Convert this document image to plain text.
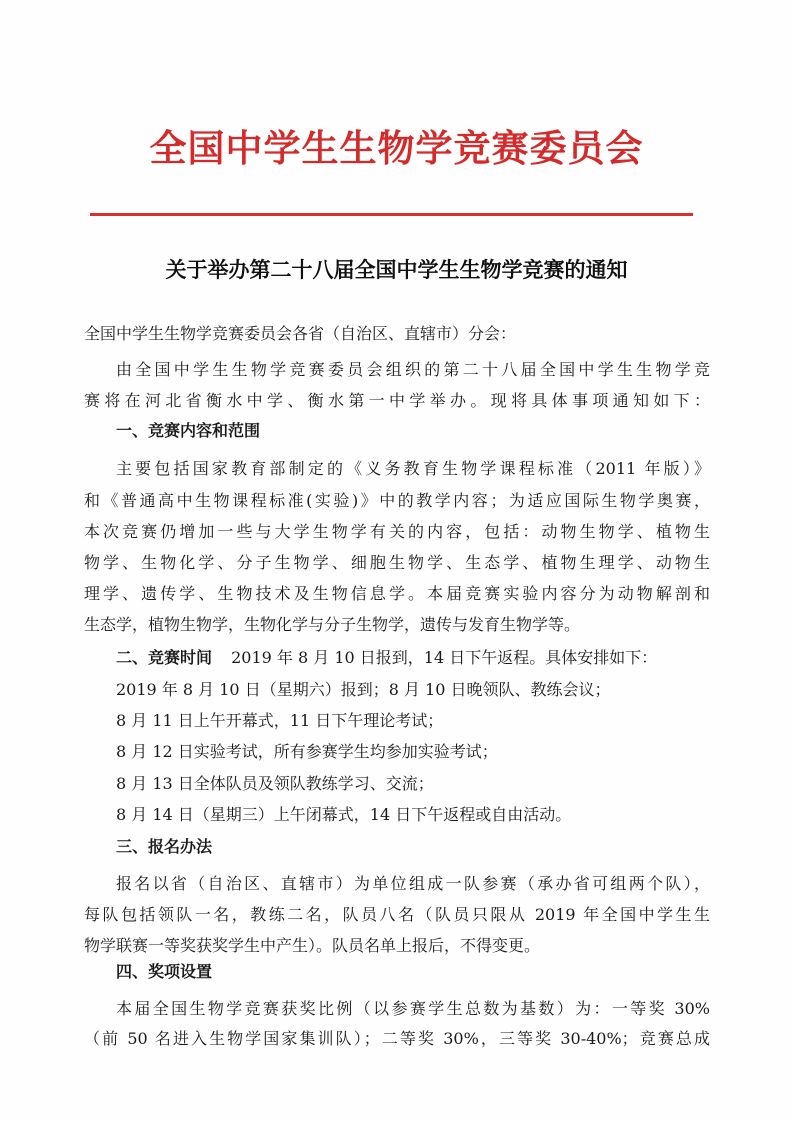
全国中学生生物学竞赛委员会
关于举办第二十八届全国中学生生物学竞赛的通知
全国中学生生物学竞赛委员会各省（自治区、直辖市）分会：
由全国中学生生物学竞赛委员会组织的第二十八届全国中学生生物学竞
赛将在河北省衡水中学、衡水第一中学举办。现将具体事项通知如下：
一、竞赛内容和范围
主要包括国家教育部制定的《义务教育生物学课程标准（2011 年版）》
和《普通高中生物课程标准(实验)》中的教学内容；为适应国际生物学奥赛，
本次竞赛仍增加一些与大学生物学有关的内容，包括：动物生物学、植物生
物学、生物化学、分子生物学、细胞生物学、生态学、植物生理学、动物生
理学、遗传学、生物技术及生物信息学。本届竞赛实验内容分为动物解剖和
生态学，植物生物学，生物化学与分子生物学，遗传与发育生物学等。
二、竞赛时间 2019 年 8 月 10 日报到，14 日下午返程。具体安排如下：
2019 年 8 月 10 日（星期六）报到；8 月 10 日晚领队、教练会议；
8 月 11 日上午开幕式，11 日下午理论考试；
8 月 12 日实验考试，所有参赛学生均参加实验考试；
8 月 13 日全体队员及领队教练学习、交流；
8 月 14 日（星期三）上午闭幕式，14 日下午返程或自由活动。
三、报名办法
报名以省（自治区、直辖市）为单位组成一队参赛（承办省可组两个队），
每队包括领队一名，教练二名，队员八名（队员只限从 2019 年全国中学生生
物学联赛一等奖获奖学生中产生）。队员名单上报后，不得变更。
四、奖项设置
本届全国生物学竞赛获奖比例（以参赛学生总数为基数）为：一等奖 30%
（前 50 名进入生物学国家集训队）；二等奖 30%，三等奖 30-40%；竞赛总成
